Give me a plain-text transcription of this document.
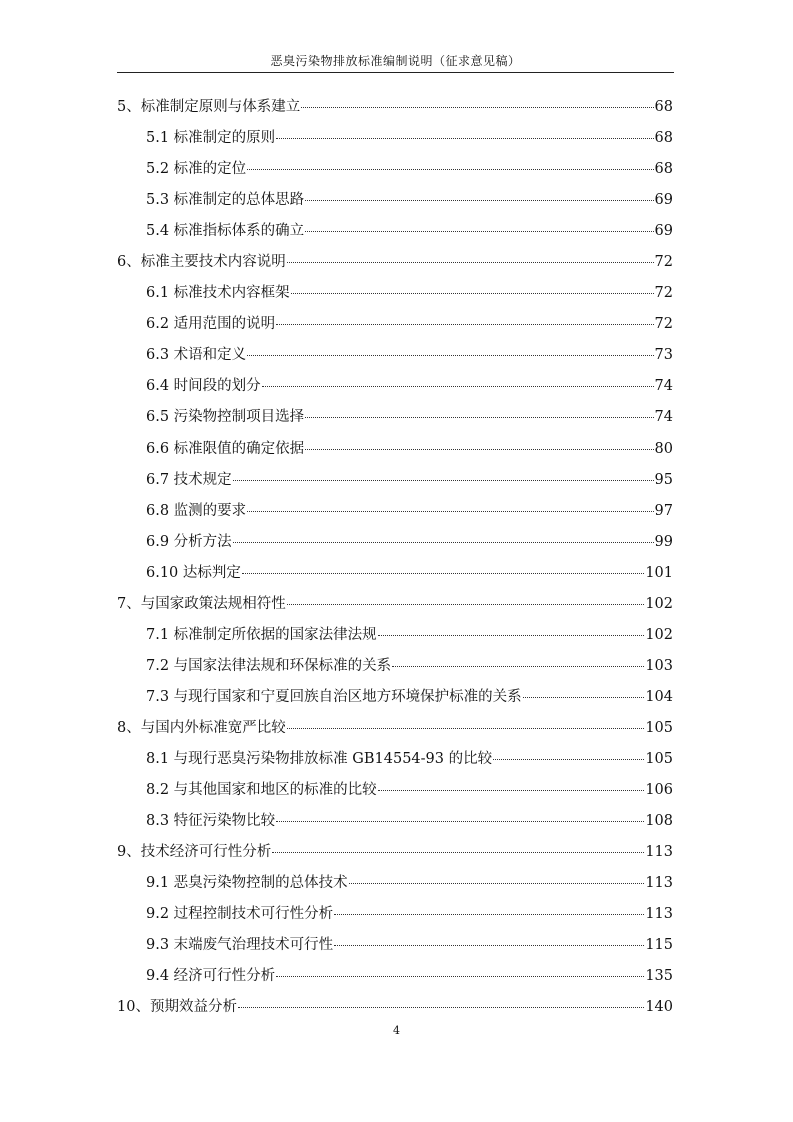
恶臭污染物排放标准编制说明（征求意见稿）
5、标准制定原则与体系建立	68
5.1 标准制定的原则	68
5.2 标准的定位	68
5.3 标准制定的总体思路	69
5.4 标准指标体系的确立	69
6、标准主要技术内容说明	72
6.1 标准技术内容框架	72
6.2 适用范围的说明	72
6.3 术语和定义	73
6.4 时间段的划分	74
6.5 污染物控制项目选择	74
6.6 标准限值的确定依据	80
6.7 技术规定	95
6.8 监测的要求	97
6.9 分析方法	99
6.10 达标判定	101
7、与国家政策法规相符性	102
7.1 标准制定所依据的国家法律法规	102
7.2 与国家法律法规和环保标准的关系	103
7.3 与现行国家和宁夏回族自治区地方环境保护标准的关系	104
8、与国内外标准宽严比较	105
8.1 与现行恶臭污染物排放标准 GB14554-93 的比较	105
8.2 与其他国家和地区的标准的比较	106
8.3 特征污染物比较	108
9、技术经济可行性分析	113
9.1 恶臭污染物控制的总体技术	113
9.2 过程控制技术可行性分析	113
9.3 末端废气治理技术可行性	115
9.4 经济可行性分析	135
10、预期效益分析	140
4
